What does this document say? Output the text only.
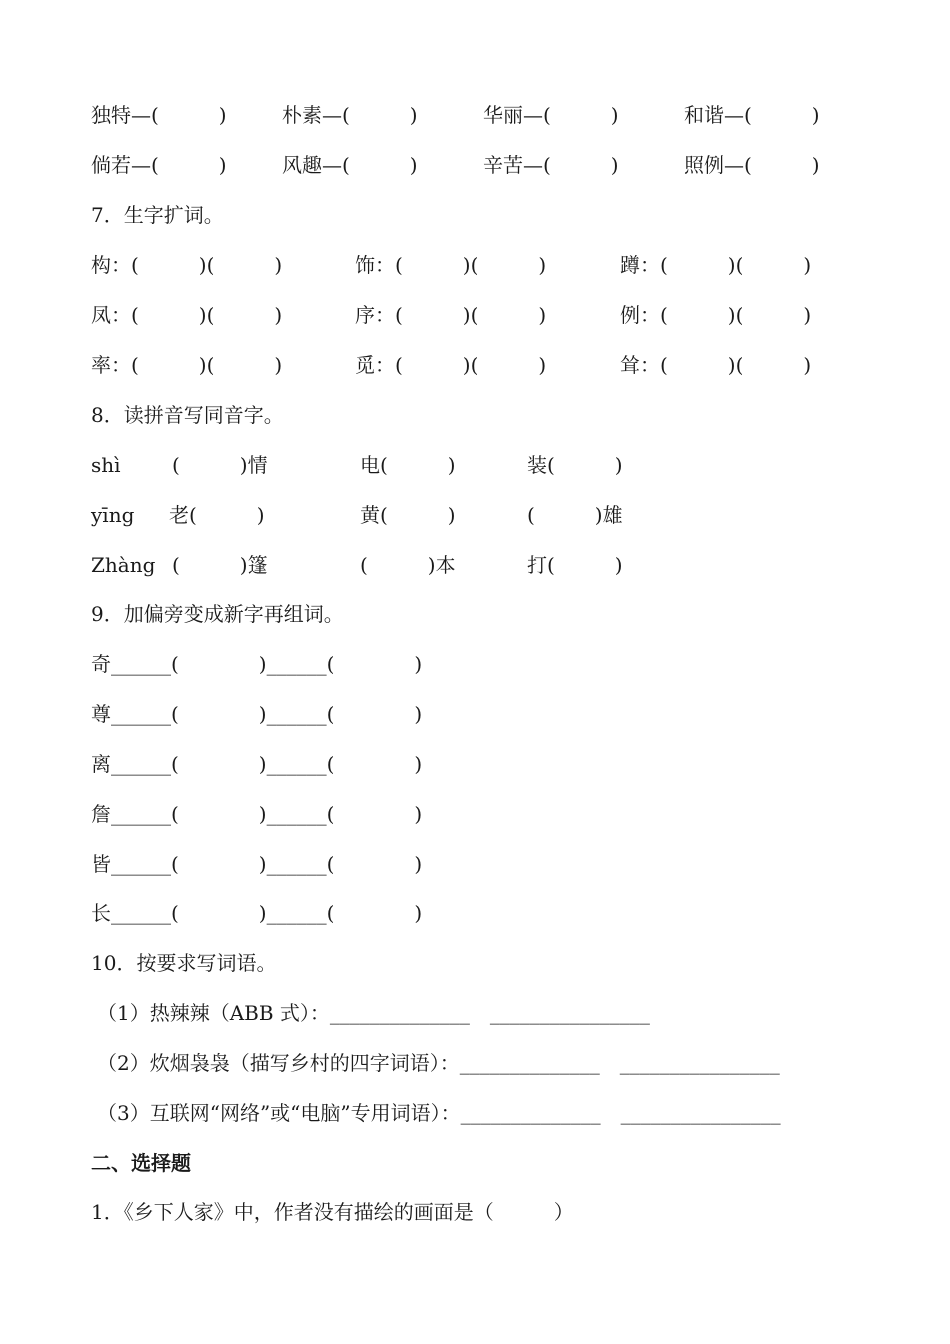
独特—(　　　)	朴素—(　　　)	华丽—(　　　)	和谐—(　　　)
倘若—(　　　)	风趣—(　　　)	辛苦—(　　　)	照例—(　　　)
7．生字扩词。
构：(　　　)(　　　)	饰：(　　　)(　　　)	蹲：(　　　)(　　　)
凤：(　　　)(　　　)	序：(　　　)(　　　)	例：(　　　)(　　　)
率：(　　　)(　　　)	觅：(　　　)(　　　)	耸：(　　　)(　　　)
8．读拼音写同音字。
shì	(　　　)情	电(　　　)	装(　　　)
yīng 老(　　　)	黄(　　　)	(　　　)雄
Zhàng (　　　)篷	(　　　)本	打(　　　)
9．加偏旁变成新字再组词。
奇______(　　　　)______(　　　　)
尊______(　　　　)______(　　　　)
离______(　　　　)______(　　　　)
詹______(　　　　)______(　　　　)
皆______(　　　　)______(　　　　)
长______(　　　　)______(　　　　)
10．按要求写词语。
（1）热辣辣（ABB 式）：______________　________________
（2）炊烟袅袅（描写乡村的四字词语）：______________　________________
（3）互联网“网络”或“电脑”专用词语）：______________　________________
二、选择题
1．《乡下人家》中，作者没有描绘的画面是（　　　）
